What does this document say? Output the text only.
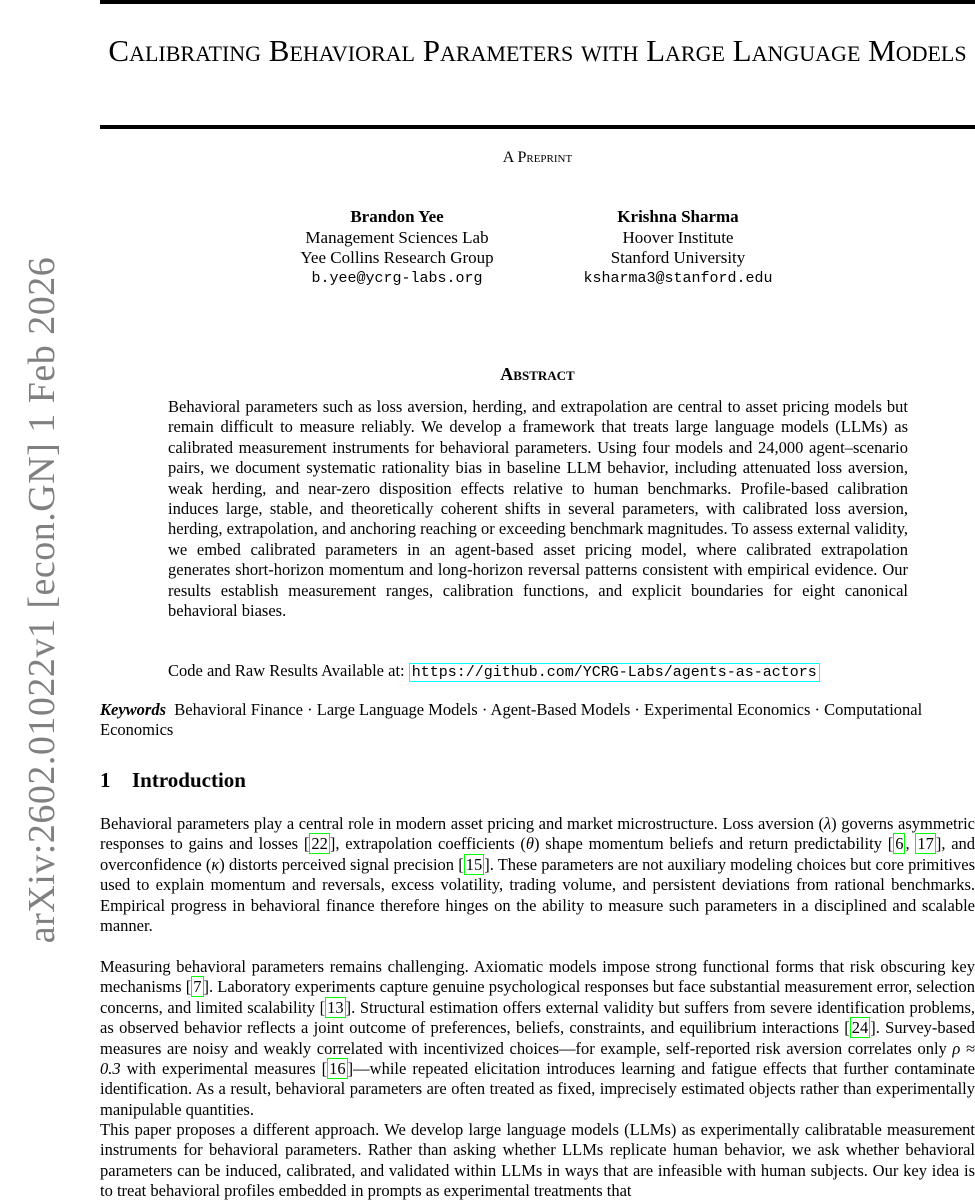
arXiv:2602.01022v1 [econ.GN] 1 Feb 2026
Calibrating Behavioral Parameters with Large Language Models
A Preprint
Brandon Yee
Management Sciences Lab
Yee Collins Research Group
b.yee@ycrg-labs.org
Krishna Sharma
Hoover Institute
Stanford University
ksharma3@stanford.edu
Abstract

Behavioral parameters such as loss aversion, herding, and extrapolation are central to asset pricing models but remain difficult to measure reliably. We develop a framework that treats large language models (LLMs) as calibrated measurement instruments for behavioral parameters. Using four models and 24,000 agent–scenario pairs, we document systematic rationality bias in baseline LLM behavior, including attenuated loss aversion, weak herding, and near-zero disposition effects relative to human benchmarks. Profile-based calibration induces large, stable, and theoretically coherent shifts in several parameters, with calibrated loss aversion, herding, extrapolation, and anchoring reaching or exceeding benchmark magnitudes. To assess external validity, we embed calibrated parameters in an agent-based asset pricing model, where calibrated extrapolation generates short-horizon momentum and long-horizon reversal patterns consistent with empirical evidence. Our results establish measurement ranges, calibration functions, and explicit boundaries for eight canonical behavioral biases.

Code and Raw Results Available at: https://github.com/YCRG-Labs/agents-as-actors

Keywords Behavioral Finance · Large Language Models · Agent-Based Models · Experimental Economics · Computational Economics

1 Introduction

Behavioral parameters play a central role in modern asset pricing and market microstructure. Loss aversion (λ) governs asymmetric responses to gains and losses [ 22 ], extrapolation coefficients (θ) shape momentum beliefs and return predictability [ 6 , 17 ], and overconfidence (κ) distorts perceived signal precision [ 15 ]. These parameters are not auxiliary modeling choices but core primitives used to explain momentum and reversals, excess volatility, trading volume, and persistent deviations from rational benchmarks. Empirical progress in behavioral finance therefore hinges on the ability to measure such parameters in a disciplined and scalable manner.

Measuring behavioral parameters remains challenging. Axiomatic models impose strong functional forms that risk obscuring key mechanisms [ 7 ]. Laboratory experiments capture genuine psychological responses but face substantial measurement error, selection concerns, and limited scalability [ 13 ]. Structural estimation offers external validity but suffers from severe identification problems, as observed behavior reflects a joint outcome of preferences, beliefs, constraints, and equilibrium interactions [ 24 ]. Survey-based measures are noisy and weakly correlated with incentivized choices—for example, self-reported risk aversion correlates only ρ ≈ 0.3 with experimental measures [ 16 ]—while repeated elicitation introduces learning and fatigue effects that further contaminate identification. As a result, behavioral parameters are often treated as fixed, imprecisely estimated objects rather than experimentally manipulable quantities.

This paper proposes a different approach. We develop large language models (LLMs) as experimentally calibratable measurement instruments for behavioral parameters. Rather than asking whether LLMs replicate human behavior, we ask whether behavioral parameters can be induced, calibrated, and validated within LLMs in ways that are infeasible with human subjects. Our key idea is to treat behavioral profiles embedded in prompts as experimental treatments that
